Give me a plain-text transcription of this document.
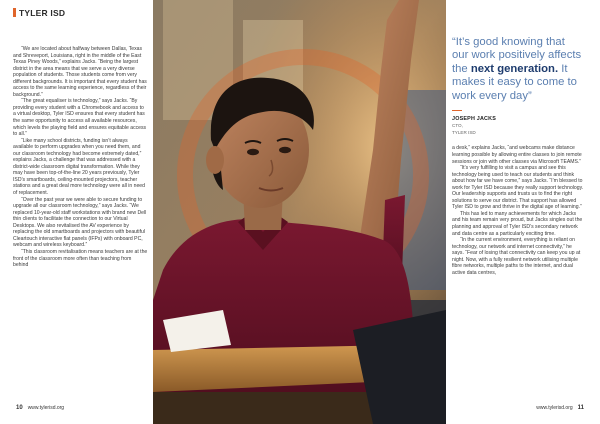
TYLER ISD

“We are located about halfway between Dallas, Texas and Shreveport, Louisiana, right in the middle of the East Texas Piney Woods,” explains Jacks. “Being the largest district in the area means that we serve a very diverse population of students. Those students come from very different backgrounds. It is important that every student has access to the same learning experience, regardless of their background.”

“The great equaliser is technology,” says Jacks. “By providing every student with a Chromebook and access to a virtual desktop, Tyler ISD ensures that every student has the same opportunity to access all available resources, which levels the playing field and ensures equitable access to all.”

“Like many school districts, funding isn’t always available to perform upgrades when you need them, and our classroom technology had become extremely dated,” explains Jacks, a challenge that was addressed with a district-wide classroom digital transformation. While they may have been top-of-the-line 20 years previously, Tyler ISD’s smartboards, ceiling-mounted projectors, teacher stations and a great deal more technology were all in need of replacement.

“Over the past year we were able to secure funding to upgrade all our classroom technology,” says Jacks. “We replaced 10-year-old staff workstations with brand new Dell thin clients to facilitate the connection to our Virtual Desktops. We also revitalised the AV experience by replacing the old smartboards and projectors with beautiful Cleartouch interactive flat panels (IFPs) with onboard PC, webcam and wireless keyboard.”

“This classroom revitalisation means teachers are at the front of the classroom more often than teaching from behind

“It’s good knowing that our work positively affects the next generation. It makes it easy to come to work every day”
JOSEPH JACKS
CTO,
TYLER ISD

a desk,” explains Jacks, “and webcams make distance learning possible by allowing entire classes to join remote sessions or join with other classes via Microsoft TEAMS.”

“It’s very fulfilling to visit a campus and see this technology being used to teach our students and think about how far we have come,” says Jacks. “I’m blessed to work for Tyler ISD because they really support technology. Our leadership supports and trusts us to find the right solutions to serve our district. That support has allowed Tyler ISD to grow and thrive in the digital age of learning.”

This has led to many achievements for which Jacks and his team remain very proud, but Jacks singles out the planning and approval of Tyler ISD’s secondary network and data centre as a particularly exciting time.

“In the current environment, everything is reliant on technology, our network and internet connectivity,” he says. “Fear of losing that connectivity can keep you up at night. Now, with a fully resilient network utilising multiple fibre networks, multiple paths to the internet, and dual active data centres,

10 www.tylerisd.org	www.tylerisd.org 11
